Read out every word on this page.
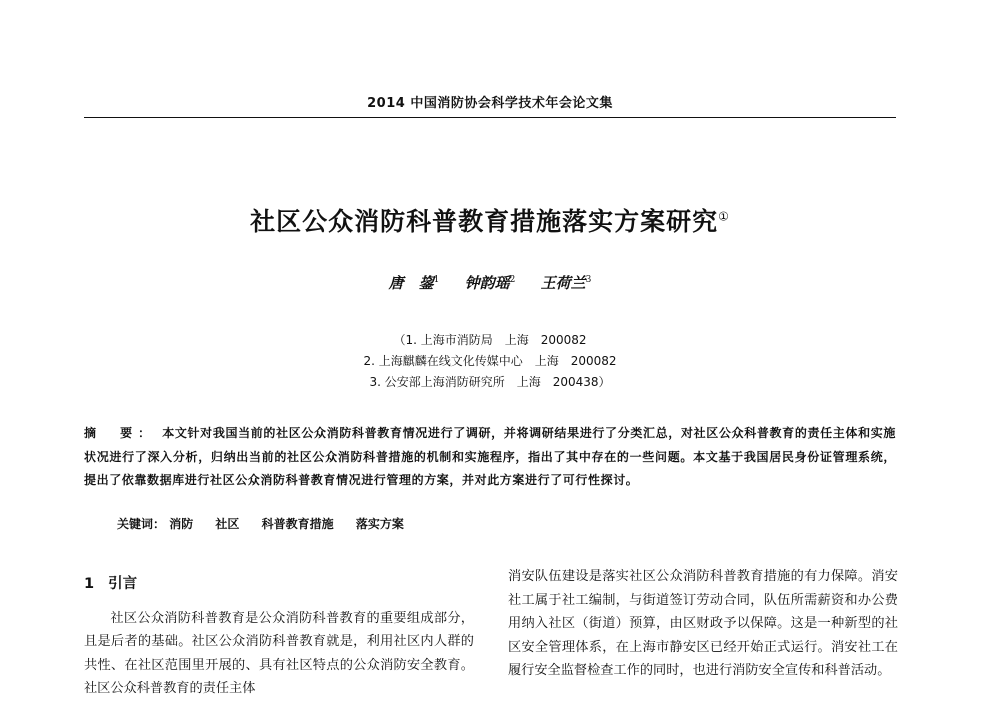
2014 中国消防协会科学技术年会论文集
社区公众消防科普教育措施落实方案研究①
唐　鋆$^1$ 钟韵瑶$^2$ 王荷兰$^3$
（1. 上海市消防局　上海　200082
2. 上海麒麟在线文化传媒中心　上海　200082
3. 公安部上海消防研究所　上海　200438）
摘　要： 本文针对我国当前的社区公众消防科普教育情况进行了调研，并将调研结果进行了分类汇总，对社区公众科普教育的责任主体和实施状况进行了深入分析，归纳出当前的社区公众消防科普措施的机制和实施程序，指出了其中存在的一些问题。本文基于我国居民身份证管理系统，提出了依靠数据库进行社区公众消防科普教育情况进行管理的方案，并对此方案进行了可行性探讨。
关键词： 消防 社区 科普教育措施 落实方案
1 引言

社区公众消防科普教育是公众消防科普教育的重要组成部分，且是后者的基础。社区公众消防科普教育就是，利用社区内人群的共性、在社区范围里开展的、具有社区特点的公众消防安全教育。社区公众科普教育的责任主体

消安队伍建设是落实社区公众消防科普教育措施的有力保障。消安社工属于社工编制，与街道签订劳动合同，队伍所需薪资和办公费用纳入社区（街道）预算，由区财政予以保障。这是一种新型的社区安全管理体系，在上海市静安区已经开始正式运行。消安社工在履行安全监督检查工作的同时，也进行消防安全宣传和科普活动。
